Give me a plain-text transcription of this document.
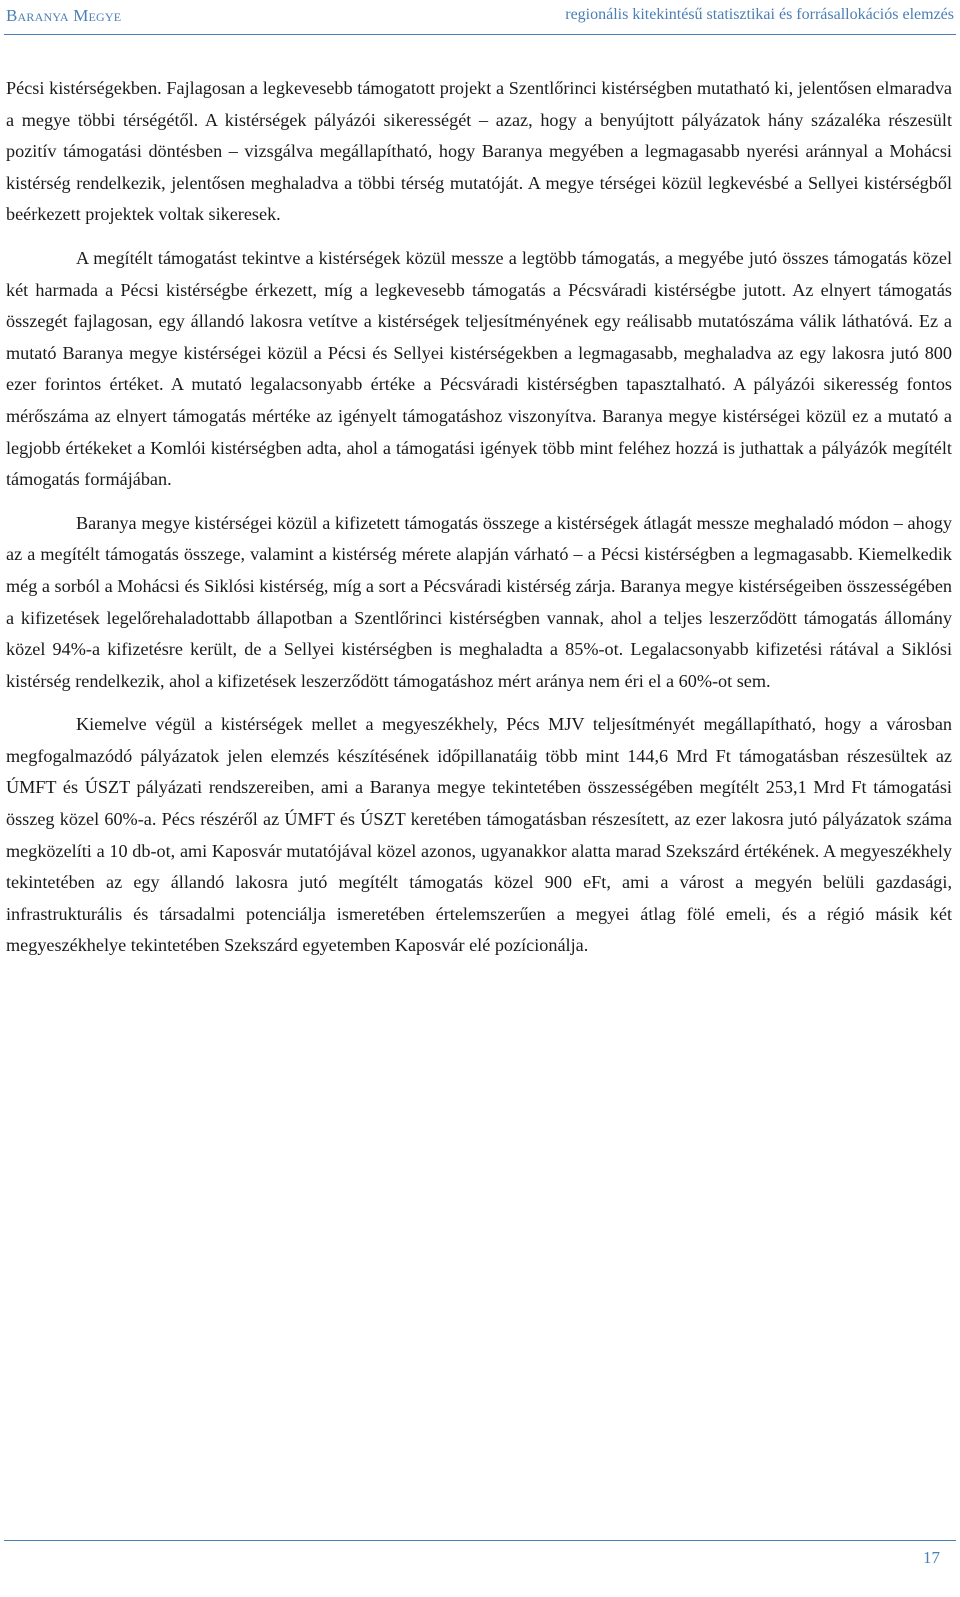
Baranya Megye	regionális kitekintésű statisztikai és forrásallokációs elemzés

Pécsi kistérségekben. Fajlagosan a legkevesebb támogatott projekt a Szentlőrinci kistérségben mutatható ki, jelentősen elmaradva a megye többi térségétől. A kistérségek pályázói sikerességét – azaz, hogy a benyújtott pályázatok hány százaléka részesült pozitív támogatási döntésben – vizsgálva megállapítható, hogy Baranya megyében a legmagasabb nyerési aránnyal a Mohácsi kistérség rendelkezik, jelentősen meghaladva a többi térség mutatóját. A megye térségei közül legkevésbé a Sellyei kistérségből beérkezett projektek voltak sikeresek.

A megítélt támogatást tekintve a kistérségek közül messze a legtöbb támogatás, a megyébe jutó összes támogatás közel két harmada a Pécsi kistérségbe érkezett, míg a legkevesebb támogatás a Pécsváradi kistérségbe jutott. Az elnyert támogatás összegét fajlagosan, egy állandó lakosra vetítve a kistérségek teljesítményének egy reálisabb mutatószáma válik láthatóvá. Ez a mutató Baranya megye kistérségei közül a Pécsi és Sellyei kistérségekben a legmagasabb, meghaladva az egy lakosra jutó 800 ezer forintos értéket. A mutató legalacsonyabb értéke a Pécsváradi kistérségben tapasztalható. A pályázói sikeresség fontos mérőszáma az elnyert támogatás mértéke az igényelt támogatáshoz viszonyítva. Baranya megye kistérségei közül ez a mutató a legjobb értékeket a Komlói kistérségben adta, ahol a támogatási igények több mint feléhez hozzá is juthattak a pályázók megítélt támogatás formájában.

Baranya megye kistérségei közül a kifizetett támogatás összege a kistérségek átlagát messze meghaladó módon – ahogy az a megítélt támogatás összege, valamint a kistérség mérete alapján várható – a Pécsi kistérségben a legmagasabb. Kiemelkedik még a sorból a Mohácsi és Siklósi kistérség, míg a sort a Pécsváradi kistérség zárja. Baranya megye kistérségeiben összességében a kifizetések legelőrehaladottabb állapotban a Szentlőrinci kistérségben vannak, ahol a teljes leszerződött támogatás állomány közel 94%-a kifizetésre került, de a Sellyei kistérségben is meghaladta a 85%-ot. Legalacsonyabb kifizetési rátával a Siklósi kistérség rendelkezik, ahol a kifizetések leszerződött támogatáshoz mért aránya nem éri el a 60%-ot sem.

Kiemelve végül a kistérségek mellet a megyeszékhely, Pécs MJV teljesítményét megállapítható, hogy a városban megfogalmazódó pályázatok jelen elemzés készítésének időpillanatáig több mint 144,6 Mrd Ft támogatásban részesültek az ÚMFT és ÚSZT pályázati rendszereiben, ami a Baranya megye tekintetében összességében megítélt 253,1 Mrd Ft támogatási összeg közel 60%-a. Pécs részéről az ÚMFT és ÚSZT keretében támogatásban részesített, az ezer lakosra jutó pályázatok száma megközelíti a 10 db-ot, ami Kaposvár mutatójával közel azonos, ugyanakkor alatta marad Szekszárd értékének. A megyeszékhely tekintetében az egy állandó lakosra jutó megítélt támogatás közel 900 eFt, ami a várost a megyén belüli gazdasági, infrastrukturális és társadalmi potenciálja ismeretében értelemszerűen a megyei átlag fölé emeli, és a régió másik két megyeszékhelye tekintetében Szekszárd egyetemben Kaposvár elé pozícionálja.

17
